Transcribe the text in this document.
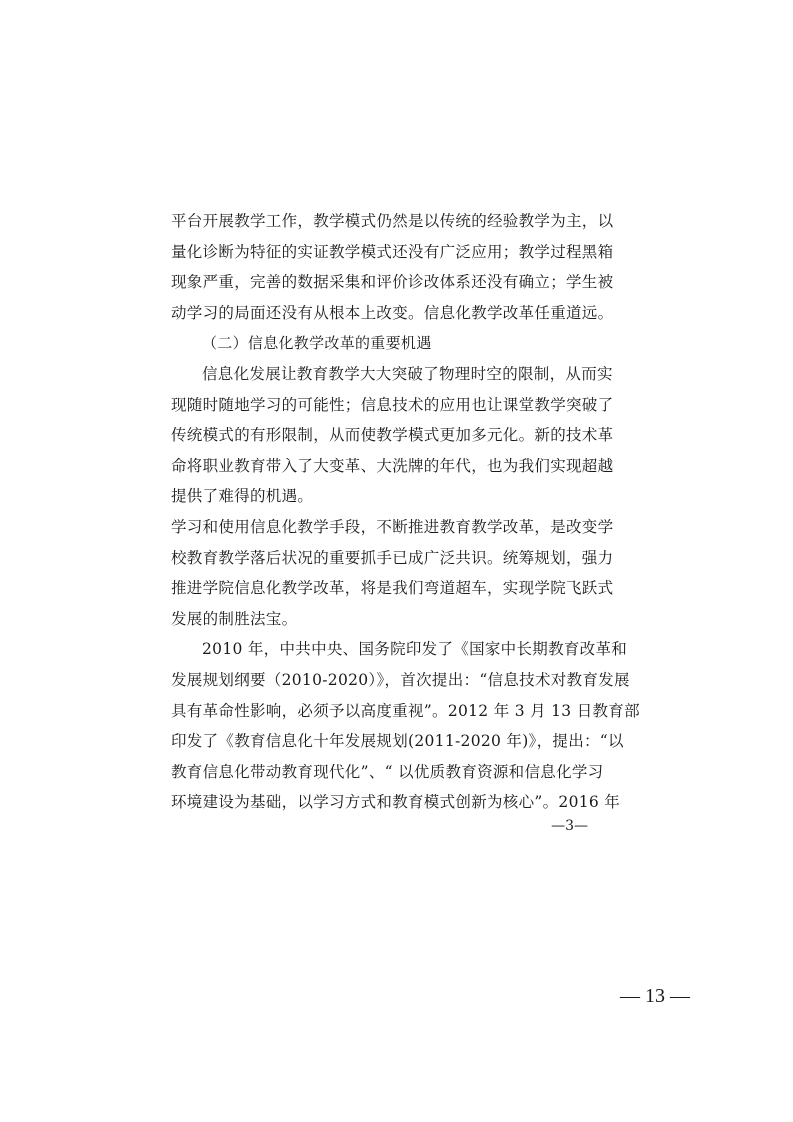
平台开展教学工作，教学模式仍然是以传统的经验教学为主，以
量化诊断为特征的实证教学模式还没有广泛应用；教学过程黑箱
现象严重，完善的数据采集和评价诊改体系还没有确立；学生被
动学习的局面还没有从根本上改变。信息化教学改革任重道远。
（二）信息化教学改革的重要机遇
信息化发展让教育教学大大突破了物理时空的限制，从而实
现随时随地学习的可能性；信息技术的应用也让课堂教学突破了
传统模式的有形限制，从而使教学模式更加多元化。新的技术革
命将职业教育带入了大变革、大洗牌的年代，也为我们实现超越
提供了难得的机遇。
学习和使用信息化教学手段，不断推进教育教学改革，是改变学
校教育教学落后状况的重要抓手已成广泛共识。统筹规划，强力
推进学院信息化教学改革，将是我们弯道超车，实现学院飞跃式
发展的制胜法宝。
2010 年，中共中央、国务院印发了《国家中长期教育改革和
发展规划纲要（2010-2020）》，首次提出：“信息技术对教育发展
具有革命性影响，必须予以高度重视”。2012 年 3 月 13 日教育部
印发了《教育信息化十年发展规划(2011-2020 年)》，提出：“以
教育信息化带动教育现代化”、“ 以优质教育资源和信息化学习
环境建设为基础，以学习方式和教育模式创新为核心”。2016 年
—3—
— 13 —
